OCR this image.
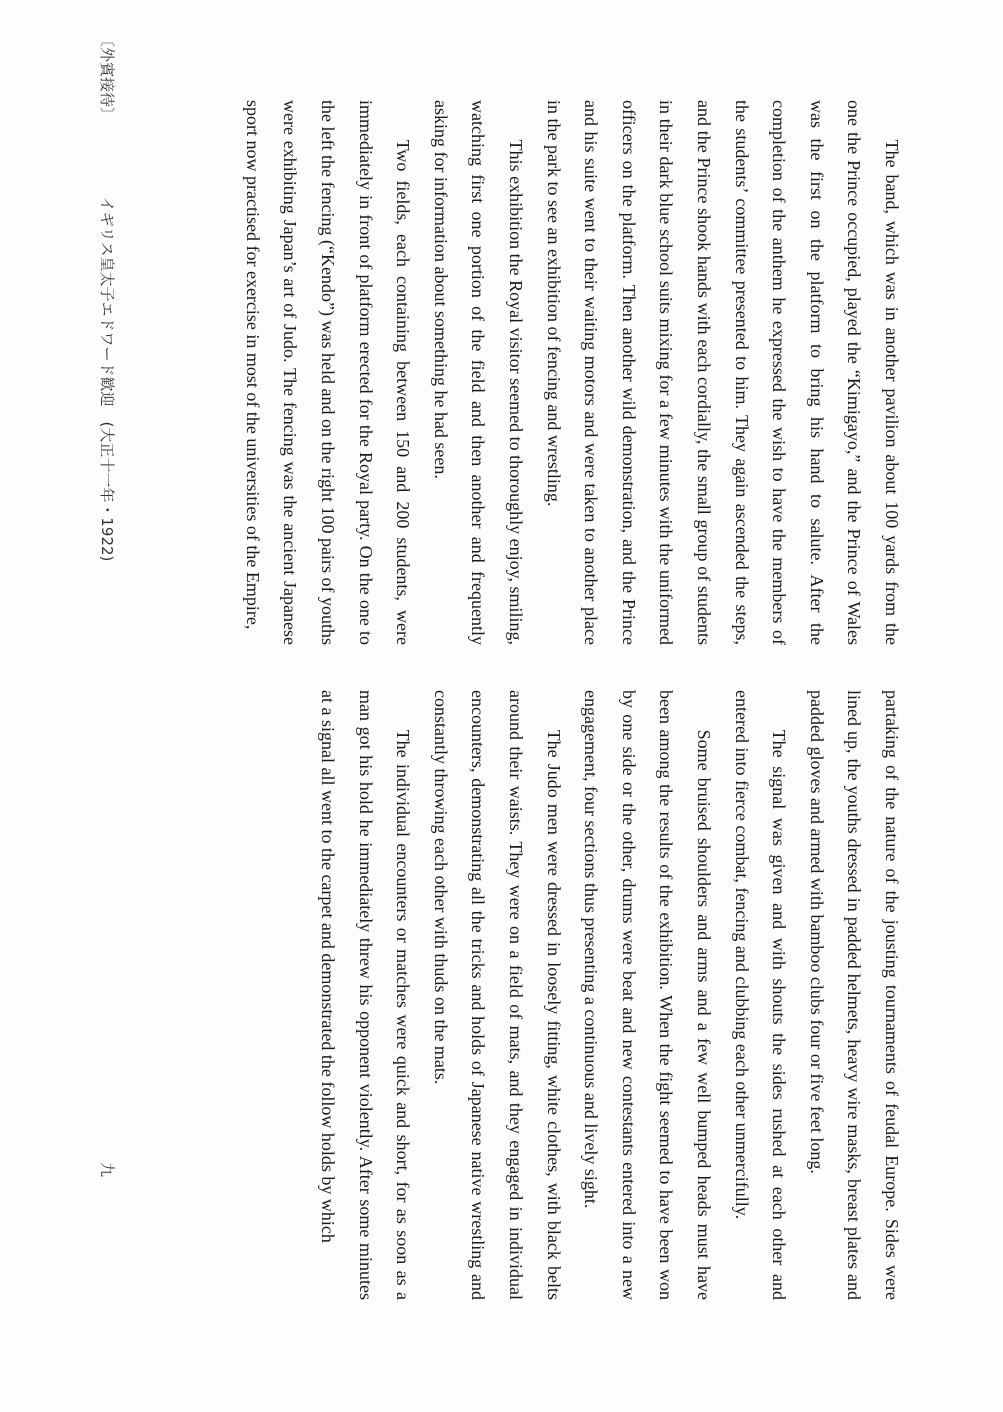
The band, which was in another pavilion about 100 yards from the one the Prince occupied, played the “Kimigayo,” and the Prince of Wales was the first on the platform to bring his hand to salute. After the completion of the anthem he expressed the wish to have the members of the students’ committee presented to him. They again ascended the steps, and the Prince shook hands with each cordially, the small group of students in their dark blue school suits mixing for a few minutes with the uniformed officers on the platform. Then another wild demonstration, and the Prince and his suite went to their waiting motors and were taken to another place in the park to see an exhibition of fencing and wrestling.

This exhibition the Royal visitor seemed to thoroughly enjoy, smiling, watching first one portion of the field and then another and frequently asking for information about something he had seen.

Two fields, each containing between 150 and 200 students, were immediately in front of platform erected for the Royal party. On the one to the left the fencing (“Kendo”) was held and on the right 100 pairs of youths were exhibiting Japan’s art of Judo. The fencing was the ancient Japanese sport now practised for exercise in most of the universities of the Empire,

partaking of the nature of the jousting tournaments of feudal Europe. Sides were lined up, the youths dressed in padded helmets, heavy wire masks, breast plates and padded gloves and armed with bamboo clubs four or five feet long.

The signal was given and with shouts the sides rushed at each other and entered into fierce combat, fencing and clubbing each other unmercifully.

Some bruised shoulders and arms and a few well bumped heads must have been among the results of the exhibition. When the fight seemed to have been won by one side or the other, drums were beat and new contestants entered into a new engagement, four sections thus presenting a continuous and lively sight.

The Judo men were dressed in loosely fitting, white clothes, with black belts around their waists. They were on a field of mats, and they engaged in individual encounters, demonstrating all the tricks and holds of Japanese native wrestling and constantly throwing each other with thuds on the mats.

The individual encounters or matches were quick and short, for as soon as a man got his hold he immediately threw his opponent violently. After some minutes at a signal all went to the carpet and demonstrated the follow holds by which

〔外賓接待〕 イギリス皇太子エドワード歓迎　(大正十一年・1922)
九
